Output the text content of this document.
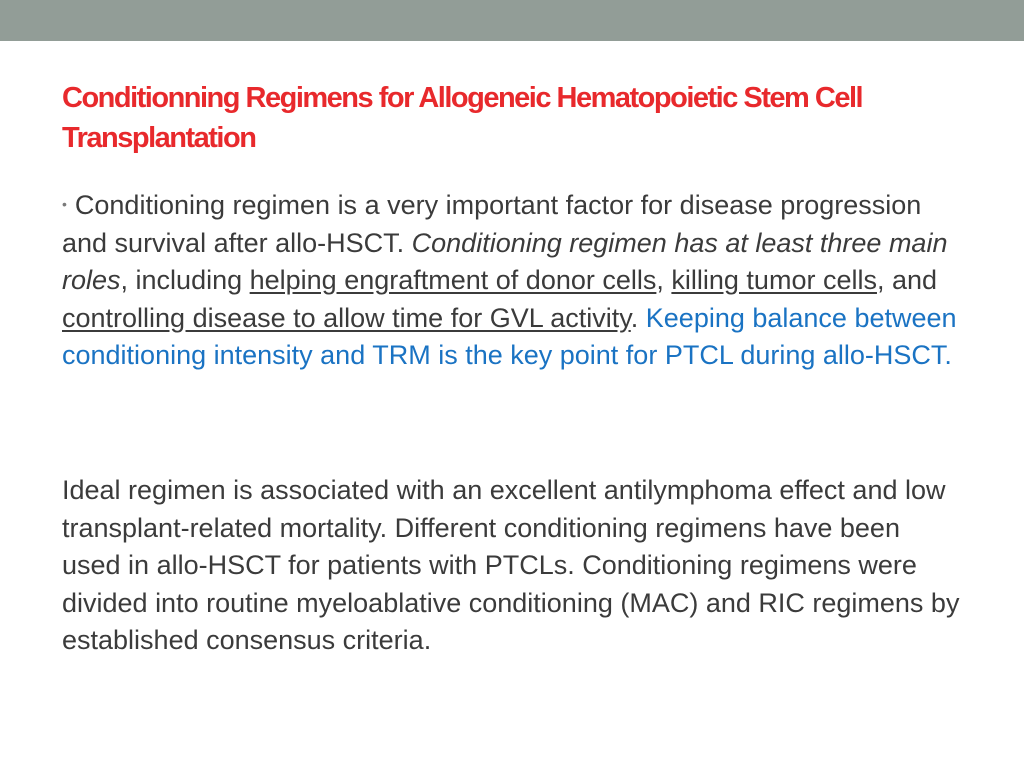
Conditionning Regimens for Allogeneic Hematopoietic Stem Cell Transplantation
• Conditioning regimen is a very important factor for disease progression and survival after allo-HSCT. Conditioning regimen has at least three main roles, including helping engraftment of donor cells, killing tumor cells, and controlling disease to allow time for GVL activity. Keeping balance between conditioning intensity and TRM is the key point for PTCL during allo-HSCT.
Ideal regimen is associated with an excellent antilymphoma effect and low transplant-related mortality. Different conditioning regimens have been used in allo-HSCT for patients with PTCLs. Conditioning regimens were divided into routine myeloablative conditioning (MAC) and RIC regimens by established consensus criteria.
